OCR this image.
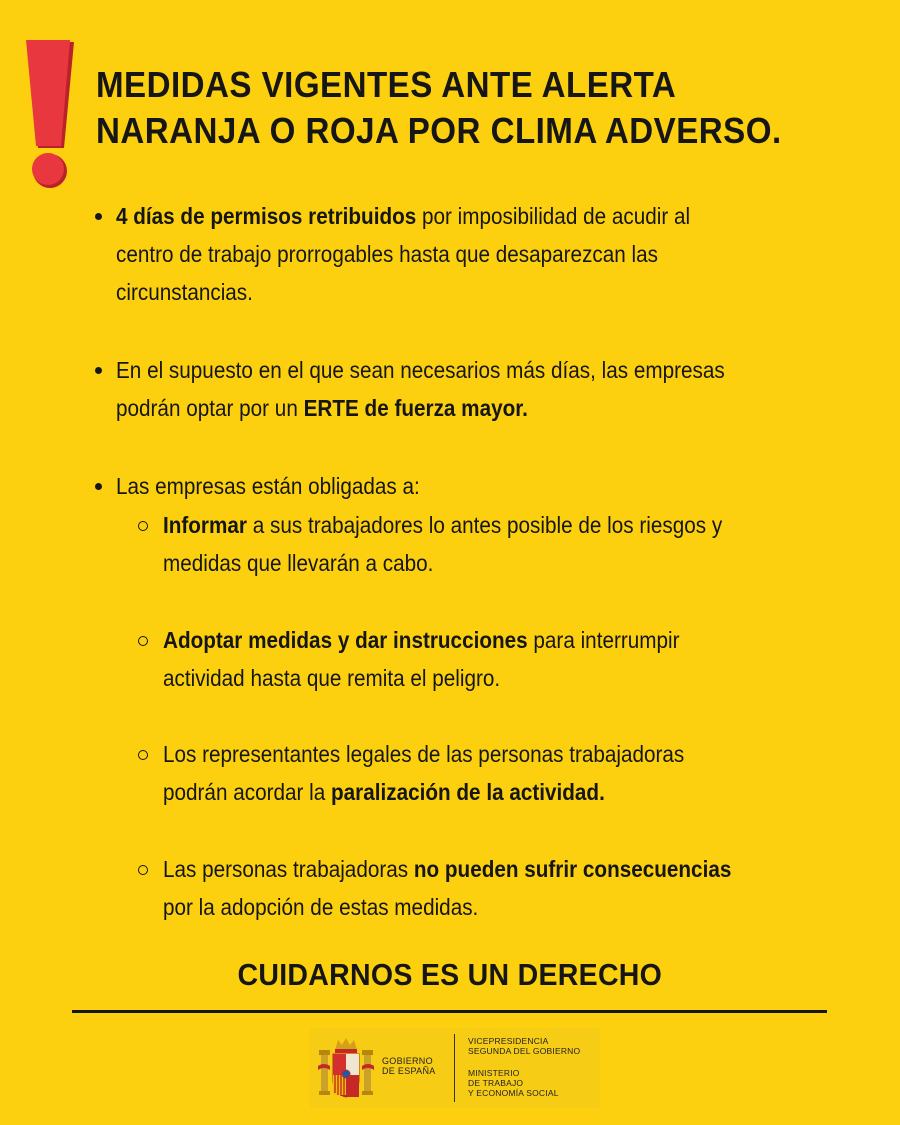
MEDIDAS VIGENTES ANTE ALERTA
NARANJA O ROJA POR CLIMA ADVERSO.
4 días de permisos retribuidos por imposibilidad de acudir al
centro de trabajo prorrogables hasta que desaparezcan las
circunstancias.
En el supuesto en el que sean necesarios más días, las empresas
podrán optar por un ERTE de fuerza mayor.
Las empresas están obligadas a:
Informar a sus trabajadores lo antes posible de los riesgos y
medidas que llevarán a cabo.
Adoptar medidas y dar instrucciones para interrumpir
actividad hasta que remita el peligro.
Los representantes legales de las personas trabajadoras
podrán acordar la paralización de la actividad.
Las personas trabajadoras no pueden sufrir consecuencias
por la adopción de estas medidas.
CUIDARNOS ES UN DERECHO
GOBIERNO
DE ESPAÑA
VICEPRESIDENCIA
SEGUNDA DEL GOBIERNO
MINISTERIO
DE TRABAJO
Y ECONOMÍA SOCIAL
